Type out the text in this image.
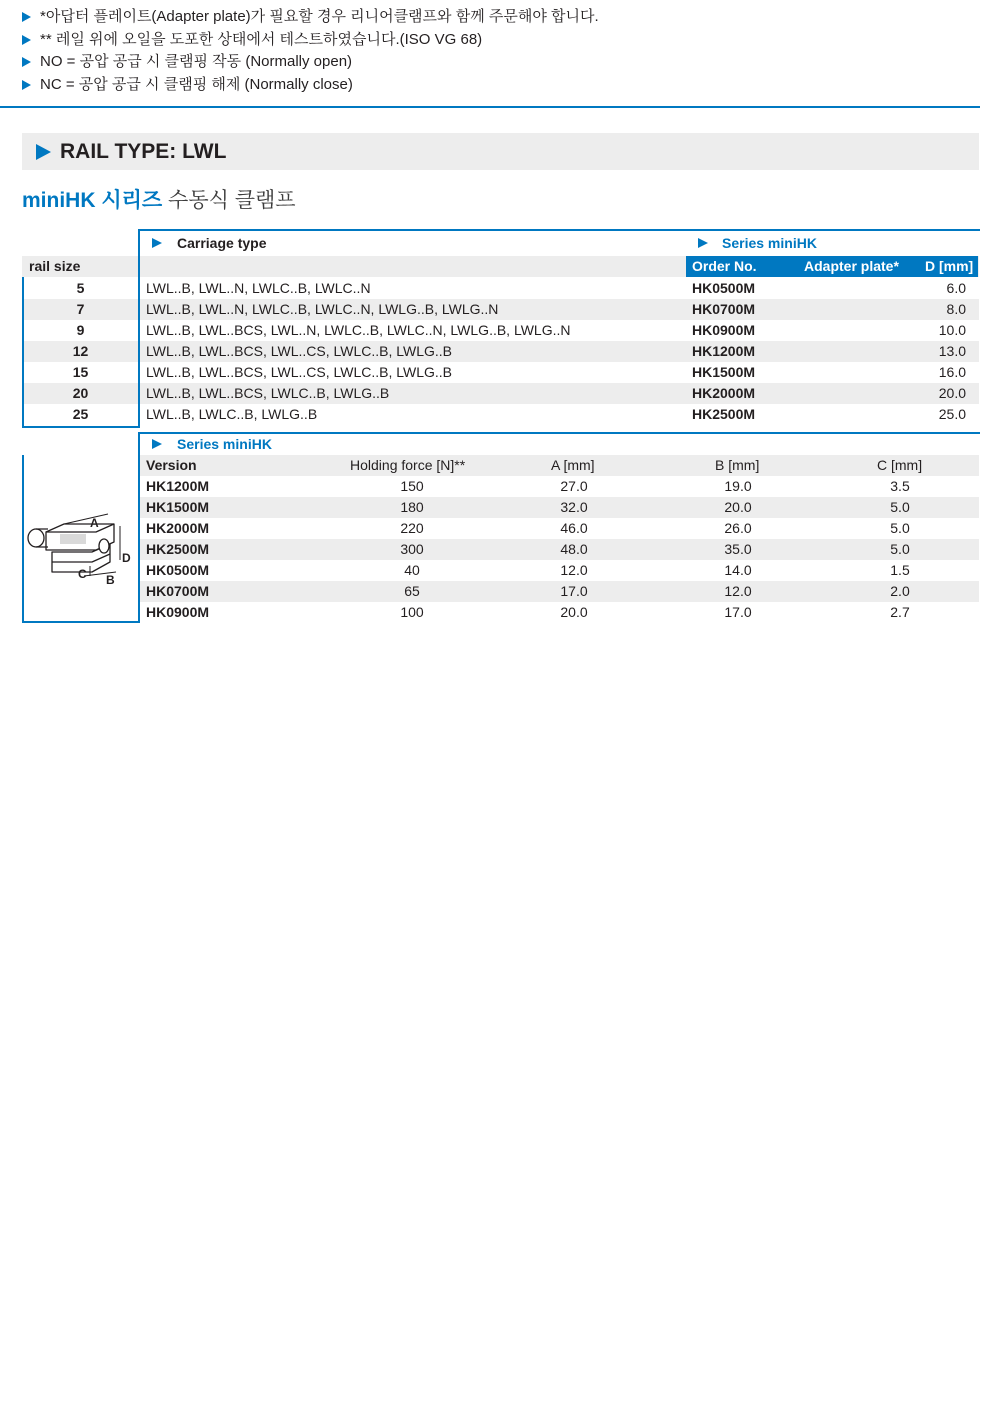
*아답터 플레이트(Adapter plate)가 필요할 경우 리니어클램프와 함께 주문해야 합니다.
** 레일 위에 오일을 도포한 상태에서 테스트하였습니다.(ISO VG 68)
NO = 공압 공급 시 클램핑 작동 (Normally open)
NC = 공압 공급 시 클램핑 해제 (Normally close)
RAIL TYPE: LWL
miniHK 시리즈 수동식 클램프
Carriage type	Series miniHK
rail size	Order No.	Adapter plate* D [mm]
5	LWL..B, LWL..N, LWLC..B, LWLC..N	HK0500M	6.0
7	LWL..B, LWL..N, LWLC..B, LWLC..N, LWLG..B, LWLG..N	HK0700M	8.0
9	LWL..B, LWL..BCS, LWL..N, LWLC..B, LWLC..N, LWLG..B, LWLG..N	HK0900M	10.0
12	LWL..B, LWL..BCS, LWL..CS, LWLC..B, LWLG..B	HK1200M	13.0
15	LWL..B, LWL..BCS, LWL..CS, LWLC..B, LWLG..B	HK1500M	16.0
20	LWL..B, LWL..BCS, LWLC..B, LWLG..B	HK2000M	20.0
25	LWL..B, LWLC..B, LWLG..B	HK2500M	25.0
Series miniHK
Version	Holding force [N]**	A [mm]	B [mm]	C [mm]
HK1200M	150	27.0	19.0	3.5
HK1500M	180	32.0	20.0	5.0
HK2000M	220	46.0	26.0	5.0
HK2500M	300	48.0	35.0	5.0
HK0500M	40	12.0	14.0	1.5
HK0700M	65	17.0	12.0	2.0
HK0900M	100	20.0	17.0	2.7
A
D
C B
